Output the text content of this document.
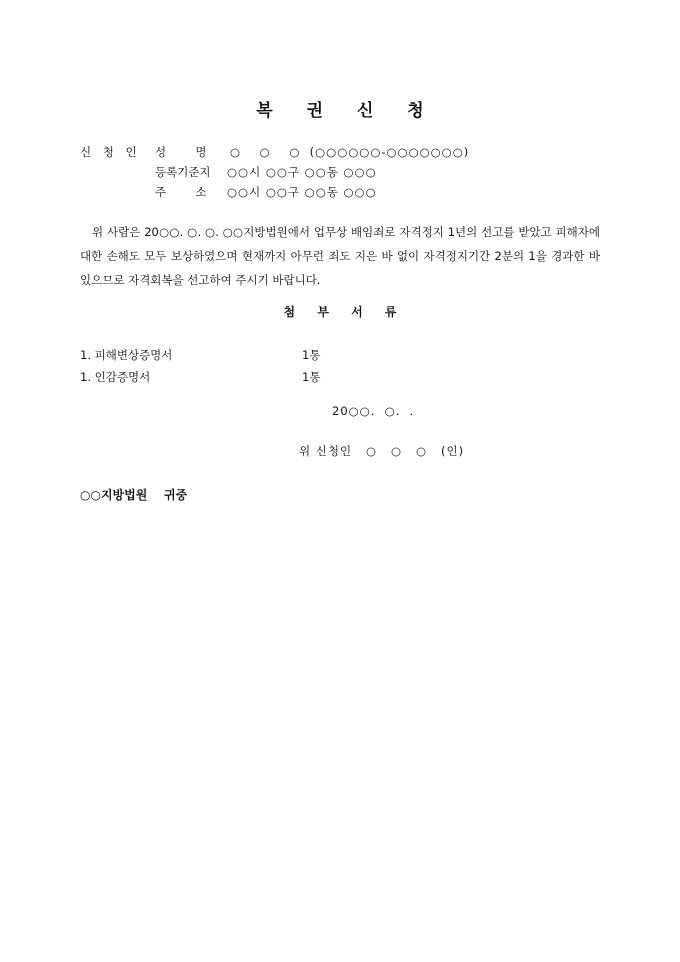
복 권 신 청
신 청 인 성        명 ○    ○    ○  (○○○○○○-○○○○○○○)
등록기준지 ○○시 ○○구 ○○동 ○○○
주        소 ○○시 ○○구 ○○동 ○○○
위 사람은 20○○. ○. ○. ○○지방법원에서 업무상 배임죄로 자격정지 1년의 선고를 받았고 피해자에 대한 손해도 모두 보상하였으며 현재까지 아무런 죄도 지은 바 없이 자격정지기간 2분의 1을 경과한 바 있으므로 자격회복을 선고하여 주시기 바랍니다.
첨 부 서 류
1. 피해변상증명서	1통
1. 인감증명서	1통
20○○.  ○.  .
위 신청인   ○   ○   ○   (인)
○○지방법원    귀중
